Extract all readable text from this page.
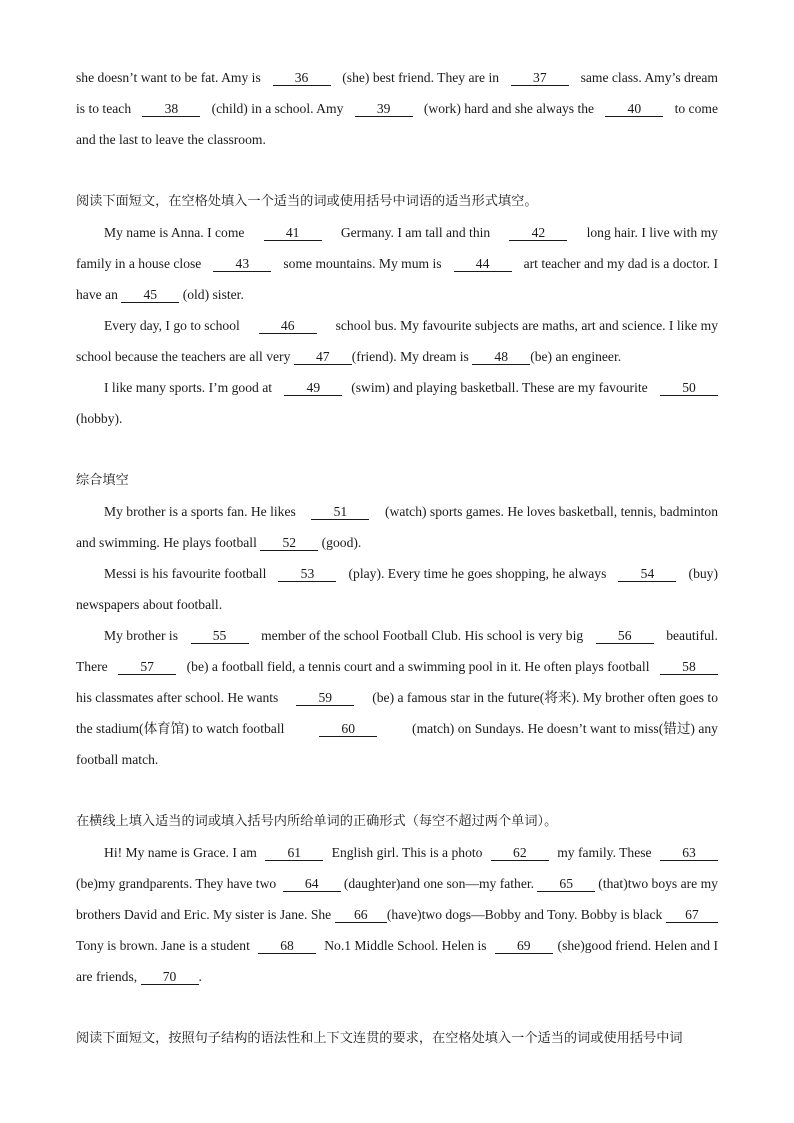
she doesn’t want to be fat. Amy is	36	(she) best friend. They are in	37	same class. Amy’s dream
is to teach	38	(child) in a school. Amy	39	(work) hard and she always the	40	to come
and the last to leave the classroom.
阅读下面短文，在空格处填入一个适当的词或使用括号中词语的适当形式填空。
My name is Anna. I come	41	Germany. I am tall and thin	42	long hair. I live with my
family in a house close	43	some mountains. My mum is	44	art teacher and my dad is a doctor. I
have an	45	(old) sister.
Every day, I go to school	46	school bus. My favourite subjects are maths, art and science. I like my
school because the teachers are all very	47	(friend). My dream is	48	(be) an engineer.
I like many sports. I’m good at	49	(swim) and playing basketball. These are my favourite	50
(hobby).
综合填空
My brother is a sports fan. He likes	51	(watch) sports games. He loves basketball, tennis, badminton
and swimming. He plays football	52	(good).
Messi is his favourite football	53	(play). Every time he goes shopping, he always	54	(buy)
newspapers about football.
My brother is	55	member of the school Football Club. His school is very big	56	beautiful.
There	57	(be) a football field, a tennis court and a swimming pool in it. He often plays football	58
his classmates after school. He wants	59	(be) a famous star in the future(将来). My brother often goes to
the stadium(体育馆) to watch football	60	(match) on Sundays. He doesn’t want to miss(错过) any
football match.
在横线上填入适当的词或填入括号内所给单词的正确形式（每空不超过两个单词）。
Hi! My name is Grace. I am	61	English girl. This is a photo	62	my family. These	63
(be)my grandparents. They have two	64	(daughter)and one son—my father.	65	(that)two boys are my
brothers David and Eric. My sister is Jane. She	66	(have)two dogs—Bobby and Tony. Bobby is black	67
Tony is brown. Jane is a student	68	No.1 Middle School. Helen is	69	(she)good friend. Helen and I
are friends,	70	.
阅读下面短文，按照句子结构的语法性和上下文连贯的要求，在空格处填入一个适当的词或使用括号中词
